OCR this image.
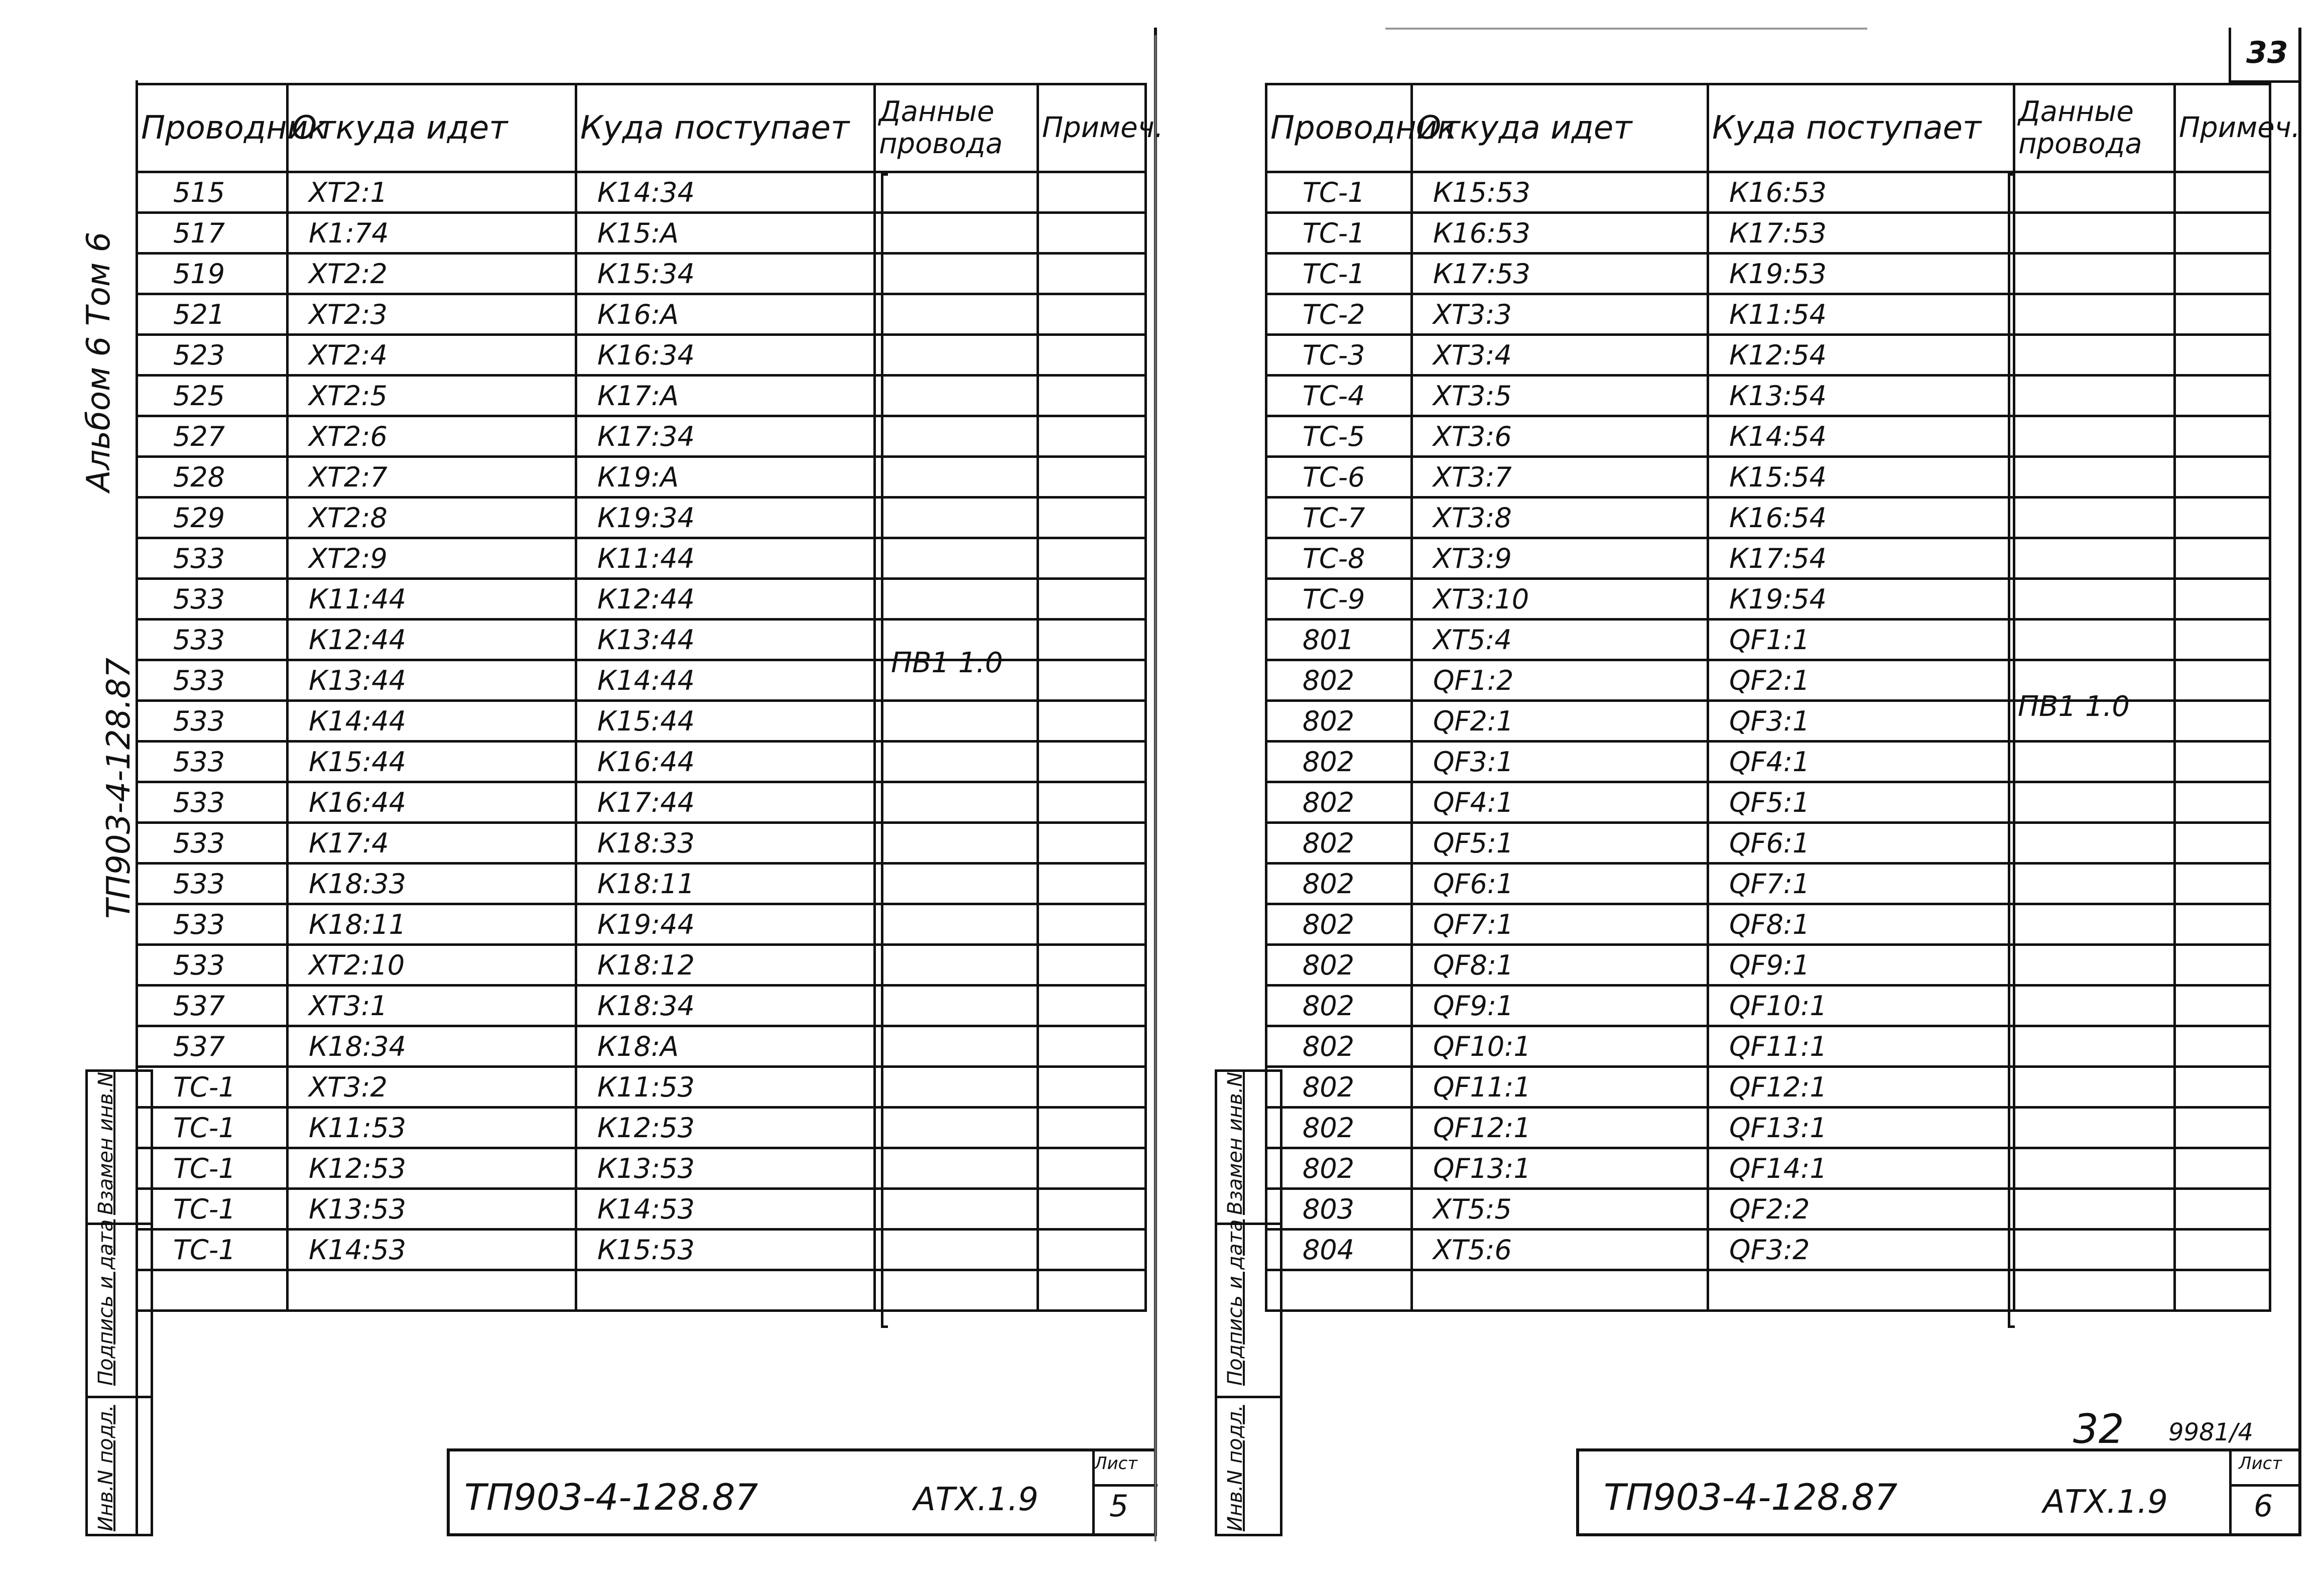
Альбом 6 Том 6
ТП903-4-128.87
Проводник	Откуда идет	Куда поступает	Данные провода	Примеч.
515	ХТ2:1	К14:34		
517	К1:74	К15:А		
519	ХТ2:2	К15:34		
521	ХТ2:3	К16:А		
523	ХТ2:4	К16:34		
525	ХТ2:5	К17:А		
527	ХТ2:6	К17:34		
528	ХТ2:7	К19:А		
529	ХТ2:8	К19:34		
533	ХТ2:9	К11:44		
533	К11:44	К12:44		
533	К12:44	К13:44		
533	К13:44	К14:44		
533	К14:44	К15:44		
533	К15:44	К16:44		
533	К16:44	К17:44		
533	К17:4	К18:33		
533	К18:33	К18:11		
533	К18:11	К19:44		
533	ХТ2:10	К18:12		
537	ХТ3:1	К18:34		
537	К18:34	К18:А		
ТС-1	ХТ3:2	К11:53		
ТС-1	К11:53	К12:53		
ТС-1	К12:53	К13:53		
ТС-1	К13:53	К14:53		
ТС-1	К14:53	К15:53		

ПВ1 1.0
Инв.N подл.
Подпись и дата
Взамен инв.N
ТП903-4-128.87	АТХ.1.9
Лист
5
33
Проводник	Откуда идет	Куда поступает	Данные провода	Примеч.
ТС-1	К15:53	К16:53		
ТС-1	К16:53	К17:53		
ТС-1	К17:53	К19:53		
ТС-2	ХТ3:3	К11:54		
ТС-3	ХТ3:4	К12:54		
ТС-4	ХТ3:5	К13:54		
ТС-5	ХТ3:6	К14:54		
ТС-6	ХТ3:7	К15:54		
ТС-7	ХТ3:8	К16:54		
ТС-8	ХТ3:9	К17:54		
ТС-9	ХТ3:10	К19:54		
801	ХТ5:4	QF1:1		
802	QF1:2	QF2:1		
802	QF2:1	QF3:1		
802	QF3:1	QF4:1		
802	QF4:1	QF5:1		
802	QF5:1	QF6:1		
802	QF6:1	QF7:1		
802	QF7:1	QF8:1		
802	QF8:1	QF9:1		
802	QF9:1	QF10:1		
802	QF10:1	QF11:1		
802	QF11:1	QF12:1		
802	QF12:1	QF13:1		
802	QF13:1	QF14:1		
803	ХТ5:5	QF2:2		
804	ХТ5:6	QF3:2		

ПВ1 1.0
Инв.N подл.
Подпись и дата
Взамен инв.N
32 9981/4
ТП903-4-128.87	АТХ.1.9
Лист
6
